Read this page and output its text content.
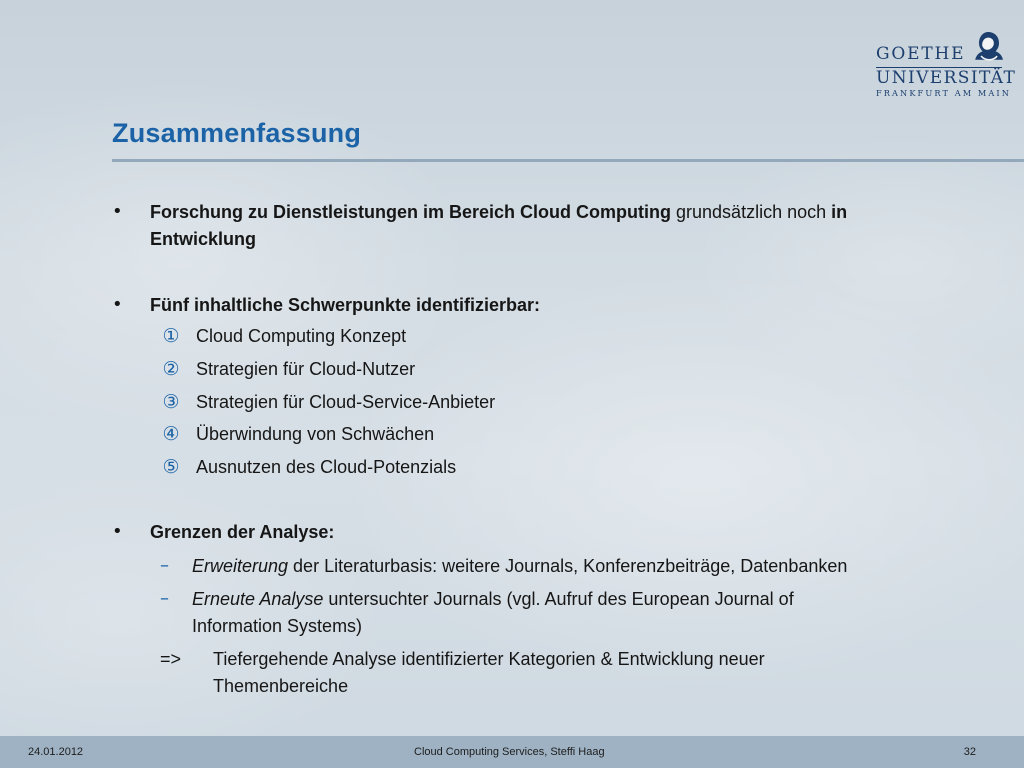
GOETHE
UNIVERSITÄT
FRANKFURT AM MAIN
Zusammenfassung
• Forschung zu Dienstleistungen im Bereich Cloud Computing grundsätzlich noch in
Entwicklung
• Fünf inhaltliche Schwerpunkte identifizierbar:
① Cloud Computing Konzept
② Strategien für Cloud-Nutzer
③ Strategien für Cloud-Service-Anbieter
④ Überwindung von Schwächen
⑤ Ausnutzen des Cloud-Potenzials
• Grenzen der Analyse:
– Erweiterung der Literaturbasis: weitere Journals, Konferenzbeiträge, Datenbanken
– Erneute Analyse untersuchter Journals (vgl. Aufruf des European Journal of
Information Systems)
=>	Tiefergehende Analyse identifizierter Kategorien & Entwicklung neuer
Themenbereiche
24.01.2012	Cloud Computing Services, Steffi Haag	32
